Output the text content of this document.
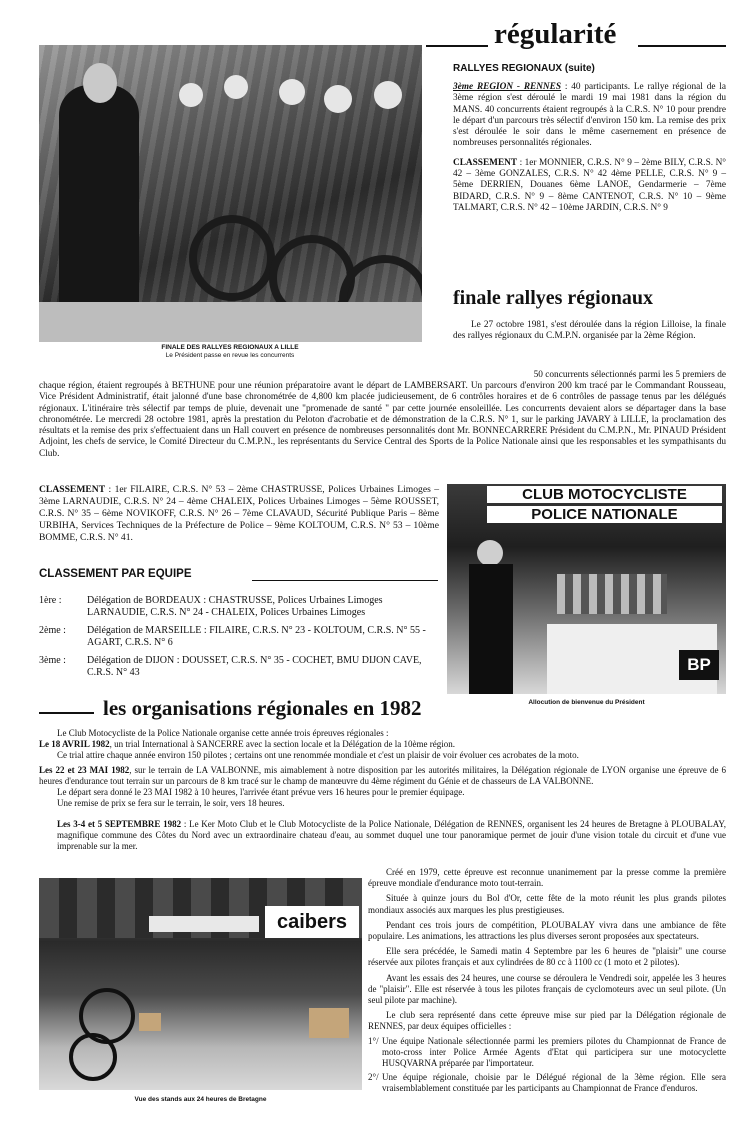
régularité
RALLYES REGIONAUX (suite)
FINALE DES RALLYES REGIONAUX A LILLE
Le Président passe en revue les concurrents

3ème REGION - RENNES : 40 participants. Le rallye régional de la 3ème région s'est déroulé le mardi 19 mai 1981 dans la région du MANS. 40 concurrents étaient regroupés à la C.R.S. N° 10 pour prendre le départ d'un parcours très sélectif d'environ 150 km. La remise des prix s'est déroulée le soir dans le même casernement en présence de nombreuses personnalités régionales.

CLASSEMENT : 1er MONNIER, C.R.S. N° 9 – 2ème BILY, C.R.S. N° 42 – 3ème GONZALES, C.R.S. N° 42 4ème PELLE, C.R.S. N° 9 – 5ème DERRIEN, Douanes 6ème LANOE, Gendarmerie – 7ème BIDARD, C.R.S. N° 9 – 8ème CANTENOT, C.R.S. N° 10 – 9ème TALMART, C.R.S. N° 42 – 10ème JARDIN, C.R.S. N° 9

finale rallyes régionaux
Le 27 octobre 1981, s'est déroulée dans la région Lilloise, la finale des rallyes régionaux du C.M.P.N. organisée par la 2ème Région.
50 concurrents sélectionnés parmi les 5 premiers de
chaque région, étaient regroupés à BETHUNE pour une réunion préparatoire avant le départ de LAMBERSART. Un parcours d'environ 200 km tracé par le Commandant Rousseau, Vice Président Administratif, était jalonné d'une base chronométrée de 4,800 km placée judicieusement, de 6 contrôles horaires et de 6 contrôles de passage tenus par les délégués régionaux. L'itinéraire très sélectif par temps de pluie, devenait une "promenade de santé " par cette journée ensoleillée. Les concurrents devaient alors se départager dans la base chronométrée. Le mercredi 28 octobre 1981, après la prestation du Peloton d'acrobatie et de démonstration de la C.R.S. N° 1, sur le parking JAVARY à LILLE, la proclamation des résultats et la remise des prix s'effectuaient dans un Hall couvert en présence de nombreuses personnalités dont Mr. BONNECARRERE Président du C.M.P.N., Mr. PINAUD Président Adjoint, les chefs de service, le Comité Directeur du C.M.P.N., les représentants du Service Central des Sports de la Police Nationale ainsi que les responsables et les sympathisants du Club.
CLASSEMENT : 1er FILAIRE, C.R.S. N° 53 – 2ème CHASTRUSSE, Polices Urbaines Limoges – 3ème LARNAUDIE, C.R.S. N° 24 – 4ème CHALEIX, Polices Urbaines Limoges – 5ème ROUSSET, C.R.S. N° 35 – 6ème NOVIKOFF, C.R.S. N° 26 – 7ème CLAVAUD, Sécurité Publique Paris – 8ème URBIHA, Services Techniques de la Préfecture de Police – 9ème KOLTOUM, C.R.S. N° 53 – 10ème BOMME, C.R.S. N° 41.
CLASSEMENT PAR EQUIPE
1ère :	Délégation de BORDEAUX : CHASTRUSSE, Polices Urbaines Limoges LARNAUDIE, C.R.S. N° 24 - CHALEIX, Polices Urbaines Limoges
2ème :	Délégation de MARSEILLE : FILAIRE, C.R.S. N° 23 - KOLTOUM, C.R.S. N° 55 - AGART, C.R.S. N° 6
3ème :	Délégation de DIJON : DOUSSET, C.R.S. N° 35 - COCHET, BMU DIJON CAVE, C.R.S. N° 43
CLUB MOTOCYCLISTE
POLICE NATIONALE
BP
Allocution de bienvenue du Président
les organisations régionales en 1982

Le Club Motocycliste de la Police Nationale organise cette année trois épreuves régionales :

Le 18 AVRIL 1982, un trial International à SANCERRE avec la section locale et la Délégation de la 10ème région.

Ce trial attire chaque année environ 150 pilotes ; certains ont une renommée mondiale et c'est un plaisir de voir évoluer ces acrobates de la moto.

Les 22 et 23 MAI 1982, sur le terrain de LA VALBONNE, mis aimablement à notre disposition par les autorités militaires, la Délégation régionale de LYON organise une épreuve de 6 heures d'endurance tout terrain sur un parcours de 8 km tracé sur le champ de manœuvre du 4ème régiment du Génie et de chasseurs de LA VALBONNE.

Le départ sera donné le 23 MAI 1982 à 10 heures, l'arrivée étant prévue vers 16 heures pour le premier équipage.

Une remise de prix se fera sur le terrain, le soir, vers 18 heures.

Les 3-4 et 5 SEPTEMBRE 1982 : Le Ker Moto Club et le Club Motocycliste de la Police Nationale, Délégation de RENNES, organisent les 24 heures de Bretagne à PLOUBALAY, magnifique commune des Côtes du Nord avec un extraordinaire chateau d'eau, au sommet duquel une tour panoramique permet de jouir d'une vision totale du circuit et d'une vue imprenable sur la mer.
caibers
Vue des stands aux 24 heures de Bretagne

Créé en 1979, cette épreuve est reconnue unanimement par la presse comme la première épreuve mondiale d'endurance moto tout-terrain.

Située à quinze jours du Bol d'Or, cette fête de la moto réunit les plus grands pilotes mondiaux associés aux marques les plus prestigieuses.

Pendant ces trois jours de compétition, PLOUBALAY vivra dans une ambiance de fête populaire. Les animations, les attractions les plus diverses seront proposées aux spectateurs.

Elle sera précédée, le Samedi matin 4 Septembre par les 6 heures de "plaisir" une course réservée aux pilotes français et aux cylindrées de 80 cc à 1100 cc (1 moto et 2 pilotes).

Avant les essais des 24 heures, une course se déroulera le Vendredi soir, appelée les 3 heures de "plaisir". Elle est réservée à tous les pilotes français de cyclomoteurs avec un seul pilote. (Un seul pilote par machine).

Le club sera représenté dans cette épreuve mise sur pied par la Délégation régionale de RENNES, par deux équipes officielles :

1°/ Une équipe Nationale sélectionnée parmi les premiers pilotes du Championnat de France de moto-cross inter Police Armée Agents d'Etat qui participera sur une motocyclette HUSQVARNA préparée par l'importateur.
2°/ Une équipe régionale, choisie par le Délégué régional de la 3ème région. Elle sera vraisemblablement constituée par les participants au Championnat de France d'enduros.
